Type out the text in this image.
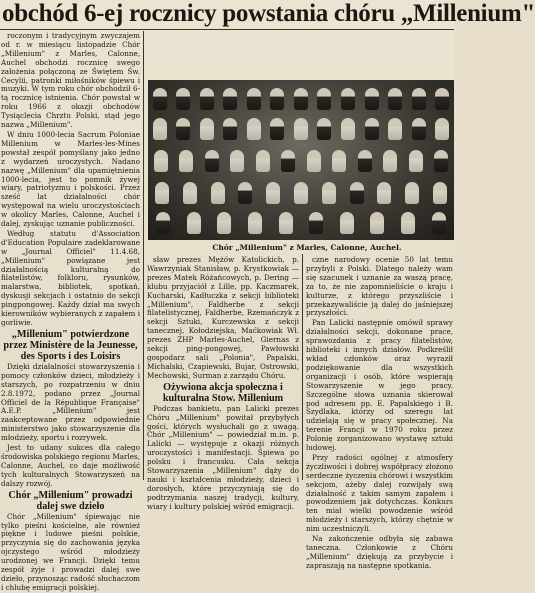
obchód 6-ej rocznicy powstania chóru „Millenium"

roczonym i tradycyjnym zwyczajem od r. w miesiącu listopadzie Chór „Millenium" z Marles, Calonne, Auchel obchodzi rocznicę swego założenia połączoną ze Świętem Św. Cecylii, patronki miłośników śpiewu i muzyki. W tym roku chór obchodził 6-tą rocznicę istnienia. Chór powstał w roku 1966 z okazji obchodów Tysiąclecia Chrztu Polski, stąd jego nazwa „Millenium".

W dniu 1000-lecia Sacrum Poloniae Millenium w Marles-les-Mines powstał zespół pomyślany jako jedno z wydarzeń uroczystych. Nadano nazwę „Millenium" dla upamiętnienia 1000-lecia, jest to pomnik żywej wiary, patriotyzmu i polskości. Przez sześć lat działalności chór występował na wielu uroczystościach w okolicy Marles, Calonne, Auchel i dalej, zyskując uznanie publiczności.

Według statutu d'Association d'Education Populaire zadeklarowane w „Journal Officiel" 11.4.68, „Millenium" powiązane jest działalnością kulturalną do filatelistów, folkloru, rysunków, malarstwa, bibliotek, spotkań, dyskusji sekcjach i ostatnio do sekcji pingpongowej. Każdy dział ma swych kierowników wybieranych z zapałem i gorliwie.

„Millenium" potwierdzone przez Ministère de la Jeunesse, des Sports i des Loisirs

Dzięki działalności stowarzyszenia i pomocy członków dzieci, młodzieży i starszych, po rozpatrzeniu w dniu 2.8.1972, podano przez „Journal Officiel de la République Française" A.E.P. „Millenium" jest zaakceptowane przez odpowiednie ministerstwo jako stowarzyszenie dla młodzieży, sportu i rozrywek.

Jest to udany sukces dla całego środowiska polskiego regionu Marles, Calonne, Auchel, co daje możliwość tych kulturalnych Stowarzyszeń na dalszy rozwój.

Chór „Millenium" prowadzi dalej swe dzieło

Chór „Millenium" śpiewając nie tylko pieśni kościelne, ale również piękne i ludowe pieśni polskie, przyczynia się do zachowania języka ojczystego wśród młodzieży urodzonej we Francji. Dzięki temu zespół żyje i prowadzi dalej swe dzieło, przynosząc radość słuchaczom i chlubę emigracji polskiej.

Chór „Millenium" z Marles, Calonne, Auchel.

sław prezes Mężów Katolickich, p. Wawrzyniak Stanisław, p. Krystkowiak — prezes Matek Różańcowych, p. Dering — klubu przyjaciół z Lille, pp. Kaczmarek, Kucharski, Kadłuczka z sekcji biblioteki „Millenium", Faldherbe z sekcji filatelistycznej, Faldherbe, Rzemańczyk z sekcji Sztuki, Kurczewska z sekcji tanecznej, Kołodziejska, Maćkowiak Wł. prezes ZHP Marles-Auchel, Giernas z sekcji ping-pongowej, Pawłowski gospodarz sali „Polonia", Papalski, Michalski, Czapiewski, Bujar, Ostrowski, Mechowski, Surman z zarządu Chóru.

Ożywiona akcja społeczna i kulturalna Stow. Millenium

Podczas bankietu, pan Lalicki prezes Chóru „Millenium" powitał przybyłych gości, których wysłuchali go z uwagą. Chór „Millenium" — powiedział m.in. p. Lalicki — występuje z okazji różnych uroczystości i manifestacji. Śpiewa po polsku i francusku. Cała sekcja Stowarzyszenia „Millenium" dąży do nauki i kształcenia młodzieży, dzieci i dorosłych, które przyczyniają się do podtrzymania naszej tradycji, kultury, wiary i kultury polskiej wśród emigracji.

czne narodowy ocenie 50 lat temu przybyli z Polski. Dlatego należy wam się szacunek i uznanie za waszą pracę, za to, że nie zapomnieliście o kraju i kulturze, z którego przyszliście i przekazywaliście ją dalej do jaśniejszej przyszłości.

Pan Lalicki następnie omówił sprawy działalności sekcji, dokonane prace, sprawozdania z pracy filatelistów, biblioteki i innych działów. Podkreślił wkład członków oraz wyraził podziękowanie dla wszystkich organizacji i osób, które wspierają Stowarzyszenie w jego pracy. Szczególne słowa uznania skierował pod adresem pp. E. Papalskiego i B. Szydlaka, którzy od szeregu lat udzielają się w pracy społecznej. Na terenie Francji w 1970 roku przez Polonię zorganizowano wystawę sztuki ludowej.

Przy radości ogólnej z atmosfery życzliwości i dobrej współpracy złożono serdeczne życzenia chórowi i wszystkim sekcjom, ażeby dalej rozwijały swą działalność z takim samym zapałem i powodzeniem jak dotychczas. Konkurs ten miał wielki powodzenie wśród młodzieży i starszych, którzy chętnie w nim uczestniczyli.

Na zakończenie odbyła się zabawa taneczna. Członkowie z Chóru „Millenium" dziękują za przybycie i zapraszają na następne spotkania.
